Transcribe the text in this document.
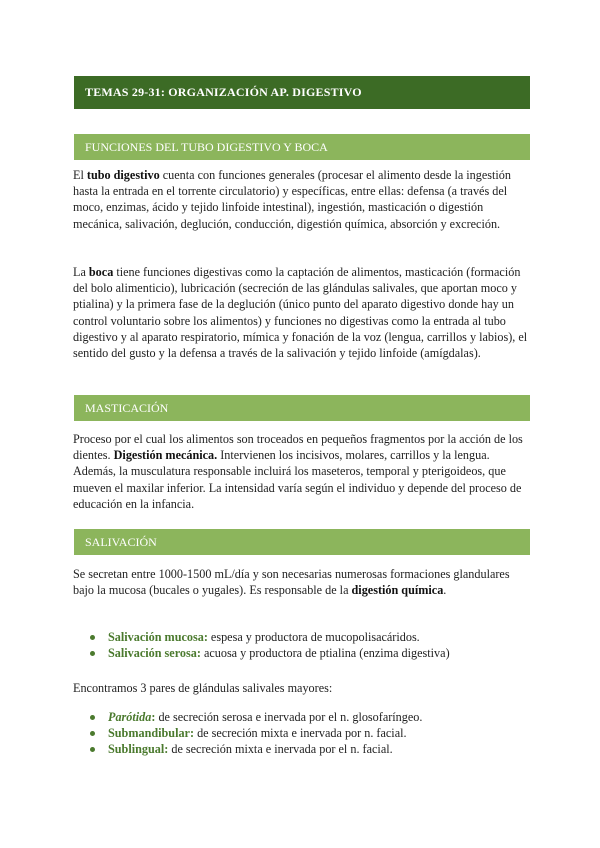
TEMAS 29-31: ORGANIZACIÓN AP. DIGESTIVO
FUNCIONES DEL TUBO DIGESTIVO Y BOCA

El tubo digestivo cuenta con funciones generales (procesar el alimento desde la ingestión hasta la entrada en el torrente circulatorio) y específicas, entre ellas: defensa (a través del moco, enzimas, ácido y tejido linfoide intestinal), ingestión, masticación o digestión mecánica, salivación, deglución, conducción, digestión química, absorción y excreción.

La boca tiene funciones digestivas como la captación de alimentos, masticación (formación del bolo alimenticio), lubricación (secreción de las glándulas salivales, que aportan moco y ptialina) y la primera fase de la deglución (único punto del aparato digestivo donde hay un control voluntario sobre los alimentos) y funciones no digestivas como la entrada al tubo digestivo y al aparato respiratorio, mímica y fonación de la voz (lengua, carrillos y labios), el sentido del gusto y la defensa a través de la salivación y tejido linfoide (amígdalas).

MASTICACIÓN

Proceso por el cual los alimentos son troceados en pequeños fragmentos por la acción de los dientes. Digestión mecánica. Intervienen los incisivos, molares, carrillos y la lengua. Además, la musculatura responsable incluirá los maseteros, temporal y pterigoideos, que mueven el maxilar inferior. La intensidad varía según el individuo y depende del proceso de educación en la infancia.

SALIVACIÓN

Se secretan entre 1000-1500 mL/día y son necesarias numerosas formaciones glandulares bajo la mucosa (bucales o yugales). Es responsable de la digestión química.

Salivación mucosa: espesa y productora de mucopolisacáridos.
Salivación serosa: acuosa y productora de ptialina (enzima digestiva)

Encontramos 3 pares de glándulas salivales mayores:

Parótida: de secreción serosa e inervada por el n. glosofaríngeo.
Submandibular: de secreción mixta e inervada por n. facial.
Sublingual: de secreción mixta e inervada por el n. facial.
